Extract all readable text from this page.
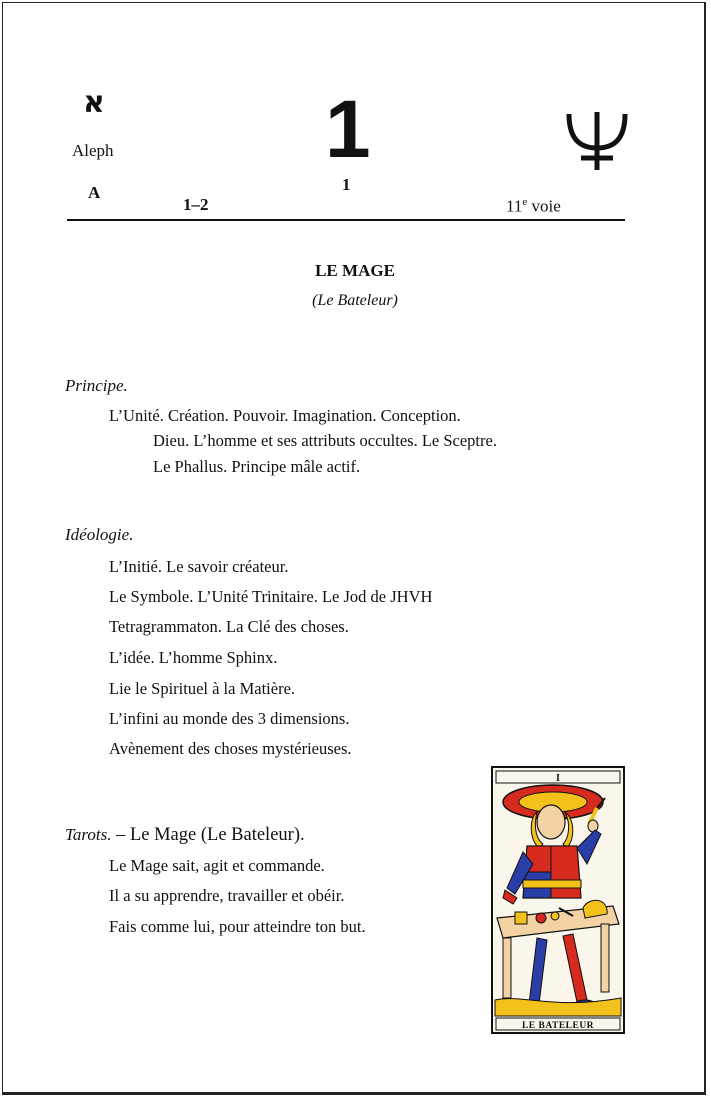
א
Aleph
A
1
1
1–2	11e voie
LE MAGE
(Le Bateleur)
Principe.
L’Unité. Création. Pouvoir. Imagination. Conception.
Dieu. L’homme et ses attributs occultes. Le Sceptre.
Le Phallus. Principe mâle actif.
Idéologie.
L’Initié. Le savoir créateur.
Le Symbole. L’Unité Trinitaire. Le Jod de JHVH
Tetragrammaton. La Clé des choses.
L’idée. L’homme Sphinx.
Lie le Spirituel à la Matière.
L’infini au monde des 3 dimensions.
Avènement des choses mystérieuses.
Tarots. – Le Mage (Le Bateleur).
Le Mage sait, agit et commande.
Il a su apprendre, travailler et obéir.
Fais comme lui, pour atteindre ton but.
I
LE BATELEUR
